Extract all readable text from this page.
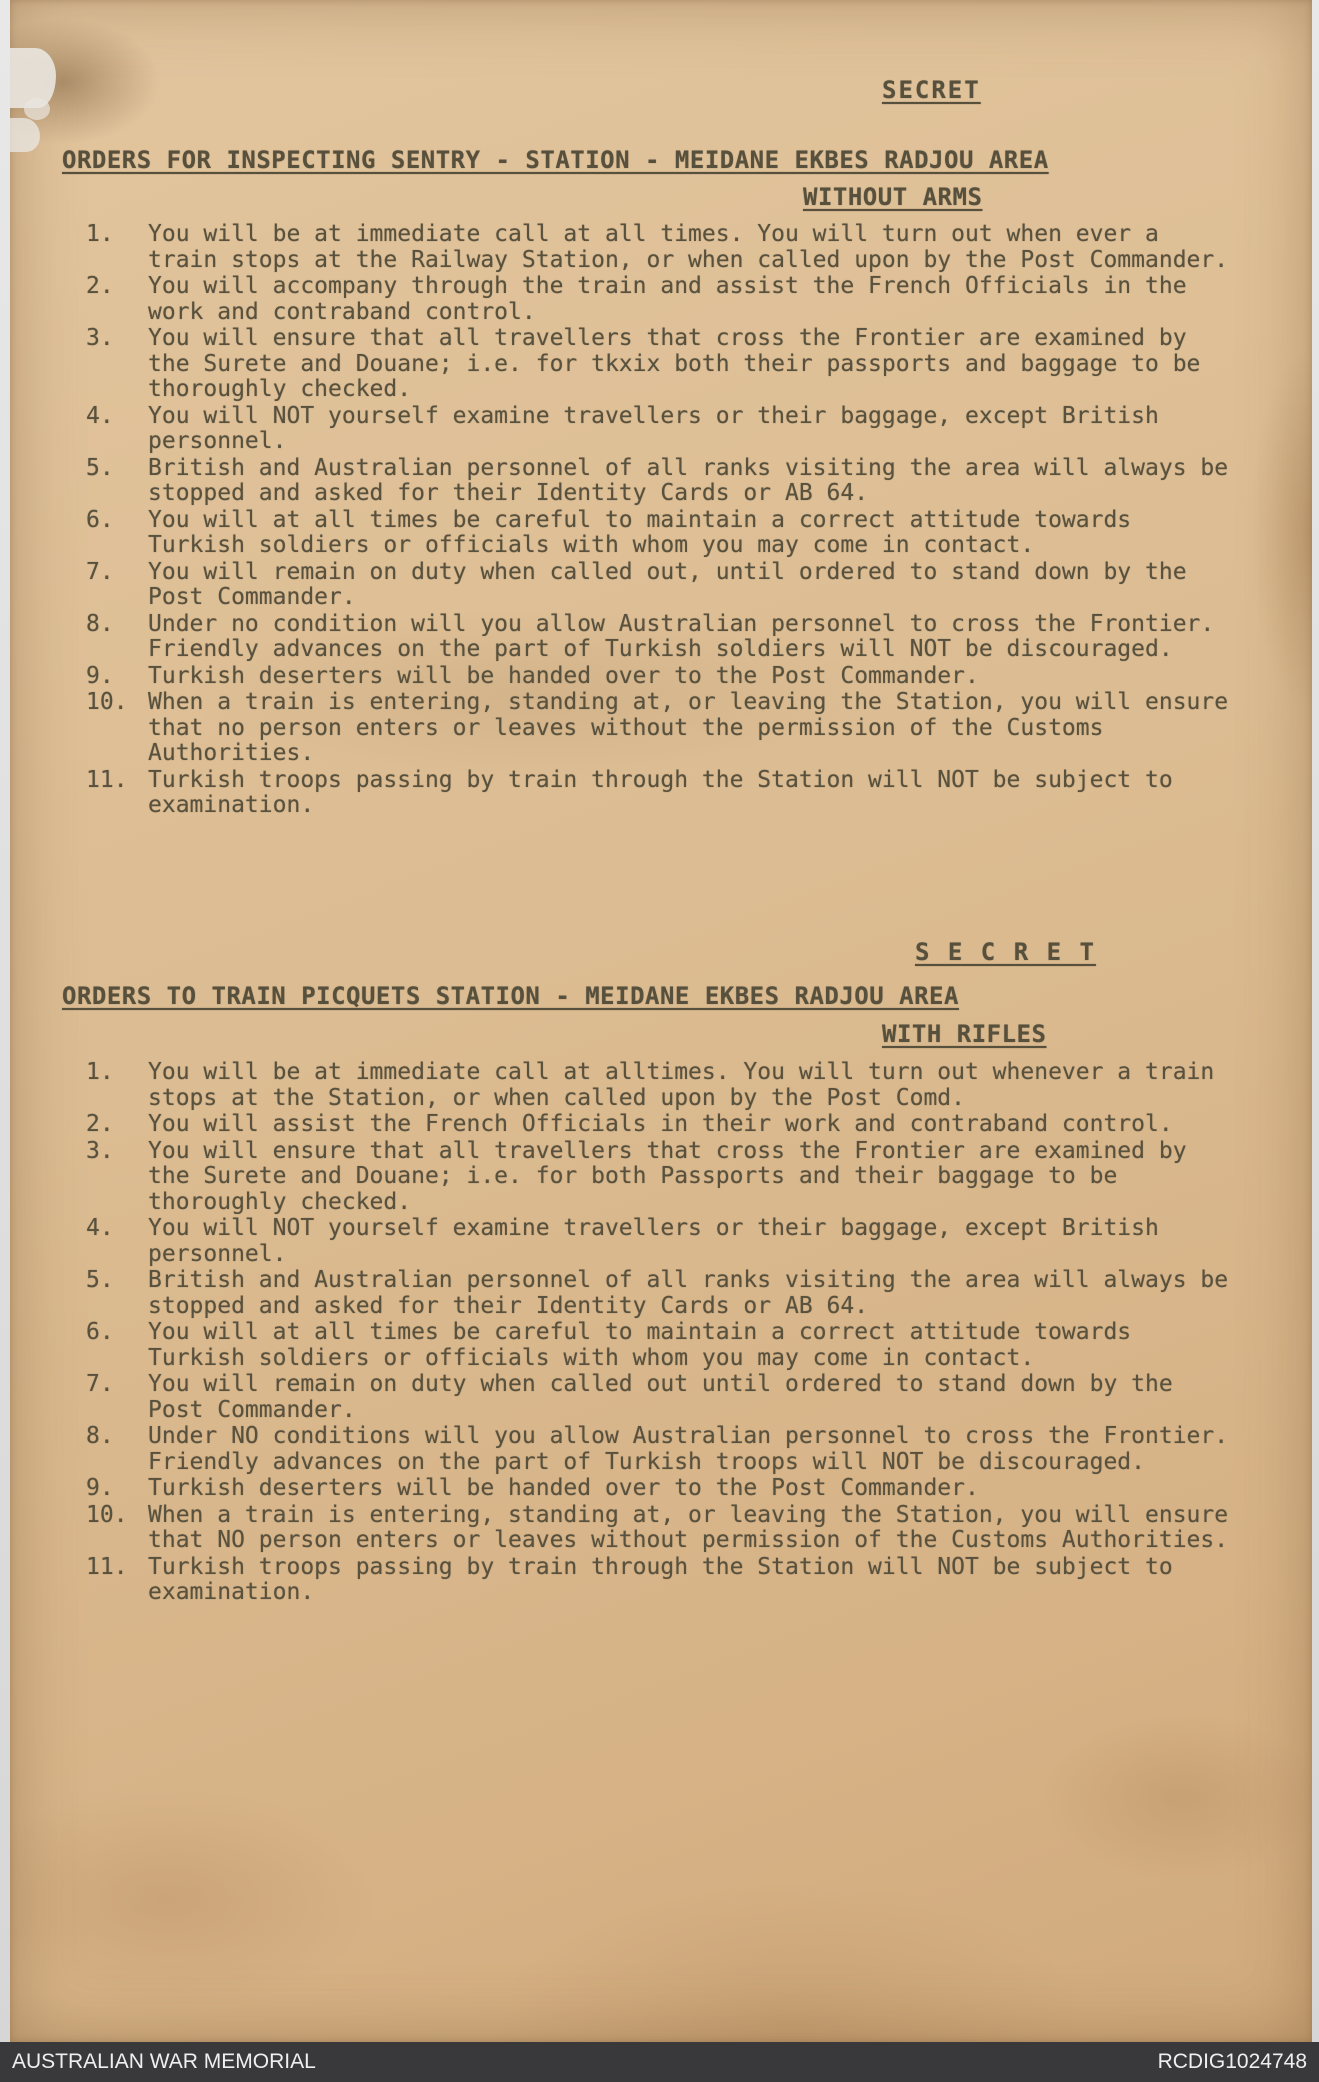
SECRET
ORDERS FOR INSPECTING SENTRY - STATION - MEIDANE EKBES RADJOU AREA
WITHOUT ARMS
1.	You will be at immediate call at all times. You will turn out when ever a train stops at the Railway Station, or when called upon by the Post Commander.
2.	You will accompany through the train and assist the French Officials in the work and contraband control.
3.	You will ensure that all travellers that cross the Frontier are examined by the Surete and Douane; i.e. for tkxix both their passports and baggage to be thoroughly checked.
4.	You will NOT yourself examine travellers or their baggage, except British personnel.
5.	British and Australian personnel of all ranks visiting the area will always be stopped and asked for their Identity Cards or AB 64.
6.	You will at all times be careful to maintain a correct attitude towards Turkish soldiers or officials with whom you may come in contact.
7.	You will remain on duty when called out, until ordered to stand down by the Post Commander.
8.	Under no condition will you allow Australian personnel to cross the Frontier. Friendly advances on the part of Turkish soldiers will NOT be discouraged.
9.	Turkish deserters will be handed over to the Post Commander.
10. When a train is entering, standing at, or leaving the Station, you will ensure that no person enters or leaves without the permission of the Customs Authorities.
11. Turkish troops passing by train through the Station will NOT be subject to examination.
S E C R E T
ORDERS TO TRAIN PICQUETS STATION - MEIDANE EKBES RADJOU AREA
WITH RIFLES
1.	You will be at immediate call at alltimes. You will turn out whenever a train stops at the Station, or when called upon by the Post Comd.
2.	You will assist the French Officials in their work and contraband control.
3.	You will ensure that all travellers that cross the Frontier are examined by the Surete and Douane; i.e. for both Passports and their baggage to be thoroughly checked.
4.	You will NOT yourself examine travellers or their baggage, except British personnel.
5.	British and Australian personnel of all ranks visiting the area will always be stopped and asked for their Identity Cards or AB 64.
6.	You will at all times be careful to maintain a correct attitude towards Turkish soldiers or officials with whom you may come in contact.
7.	You will remain on duty when called out until ordered to stand down by the Post Commander.
8.	Under NO conditions will you allow Australian personnel to cross the Frontier. Friendly advances on the part of Turkish troops will NOT be discouraged.
9.	Turkish deserters will be handed over to the Post Commander.
10. When a train is entering, standing at, or leaving the Station, you will ensure that NO person enters or leaves without permission of the Customs Authorities.
11. Turkish troops passing by train through the Station will NOT be subject to examination.
AUSTRALIAN WAR MEMORIAL	RCDIG1024748
